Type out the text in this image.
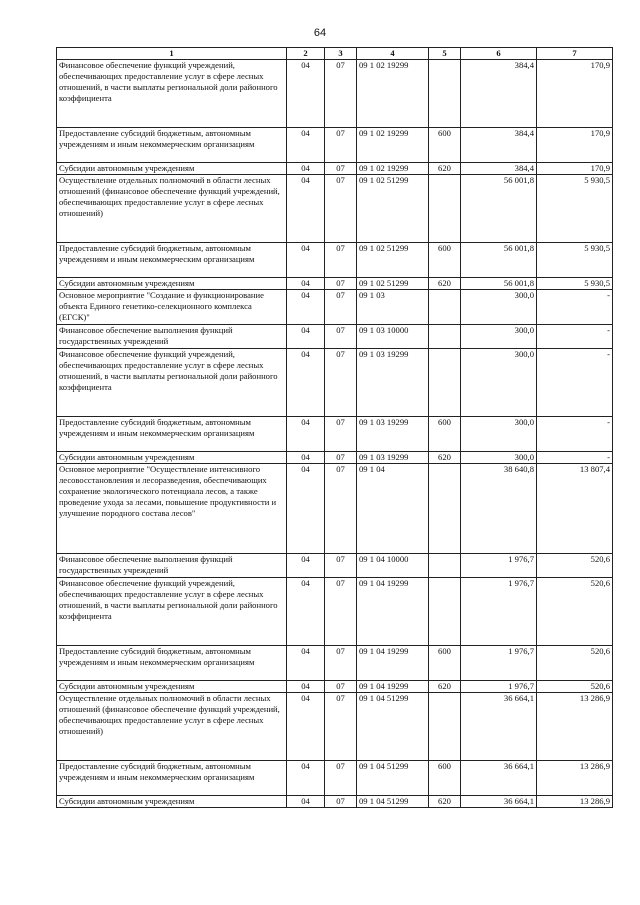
64
1	2	3	4	5	6	7
Финансовое обеспечение функций учреждений, обеспечивающих предоставление услуг в сфере лесных отношений, в части выплаты региональной доли районного коэффициента	04	07	09 1 02 19299		384,4	170,9
Предоставление субсидий бюджетным, автономным учреждениям и иным некоммерческим организациям	04	07	09 1 02 19299	600	384,4	170,9
Субсидии автономным учреждениям	04	07	09 1 02 19299	620	384,4	170,9
Осуществление отдельных полномочий в области лесных отношений (финансовое обеспечение функций учреждений, обеспечивающих предоставление услуг в сфере лесных отношений)	04	07	09 1 02 51299		56 001,8	5 930,5
Предоставление субсидий бюджетным, автономным учреждениям и иным некоммерческим организациям	04	07	09 1 02 51299	600	56 001,8	5 930,5
Субсидии автономным учреждениям	04	07	09 1 02 51299	620	56 001,8	5 930,5
Основное мероприятие "Создание и функционирование объекта Единого генетико-селекционного комплекса (ЕГСК)"	04	07	09 1 03		300,0	-
Финансовое обеспечение выполнения функций государственных учреждений	04	07	09 1 03 10000		300,0	-
Финансовое обеспечение функций учреждений, обеспечивающих предоставление услуг в сфере лесных отношений, в части выплаты региональной доли районного коэффициента	04	07	09 1 03 19299		300,0	-
Предоставление субсидий бюджетным, автономным учреждениям и иным некоммерческим организациям	04	07	09 1 03 19299	600	300,0	-
Субсидии автономным учреждениям	04	07	09 1 03 19299	620	300,0	-
Основное мероприятие "Осуществление интенсивного лесовосстановления и лесоразведения, обеспечивающих сохранение экологического потенциала лесов, а также проведение ухода за лесами, повышение продуктивности и улучшение породного состава лесов"	04	07	09 1 04		38 640,8	13 807,4
Финансовое обеспечение выполнения функций государственных учреждений	04	07	09 1 04 10000		1 976,7	520,6
Финансовое обеспечение функций учреждений, обеспечивающих предоставление услуг в сфере лесных отношений, в части выплаты региональной доли районного коэффициента	04	07	09 1 04 19299		1 976,7	520,6
Предоставление субсидий бюджетным, автономным учреждениям и иным некоммерческим организациям	04	07	09 1 04 19299	600	1 976,7	520,6
Субсидии автономным учреждениям	04	07	09 1 04 19299	620	1 976,7	520,6
Осуществление отдельных полномочий в области лесных отношений (финансовое обеспечение функций учреждений, обеспечивающих предоставление услуг в сфере лесных отношений)	04	07	09 1 04 51299		36 664,1	13 286,9
Предоставление субсидий бюджетным, автономным учреждениям и иным некоммерческим организациям	04	07	09 1 04 51299	600	36 664,1	13 286,9
Субсидии автономным учреждениям	04	07	09 1 04 51299	620	36 664,1	13 286,9
